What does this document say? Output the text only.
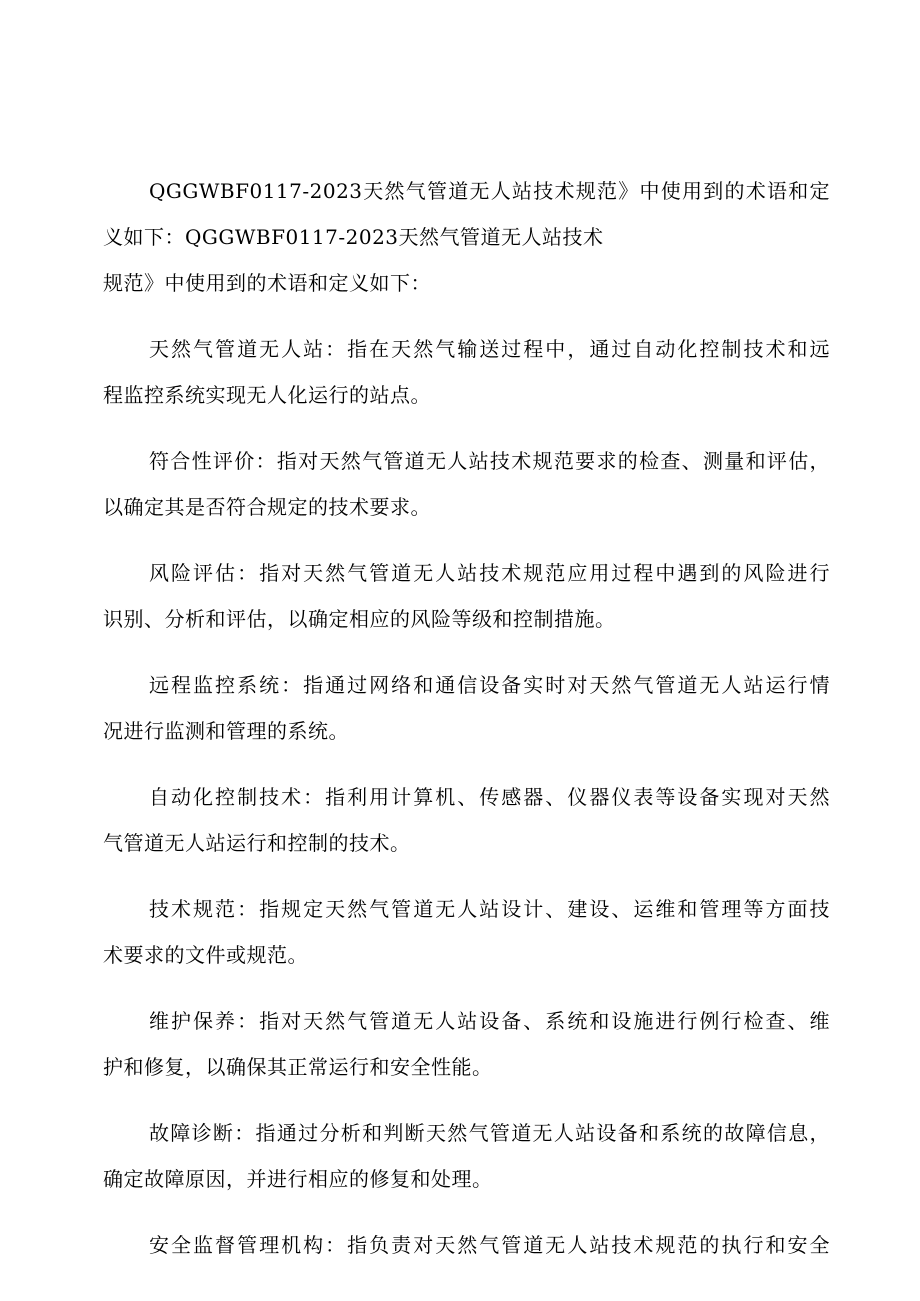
QGGWBF0117-2023天然气管道无人站技术规范》中使用到的术语和定
义如下：QGGWBF0117-2023天然气管道无人站技术
规范》中使用到的术语和定义如下：
天然气管道无人站：指在天然气输送过程中，通过自动化控制技术和远
程监控系统实现无人化运行的站点。
符合性评价：指对天然气管道无人站技术规范要求的检查、测量和评估，
以确定其是否符合规定的技术要求。
风险评估：指对天然气管道无人站技术规范应用过程中遇到的风险进行
识别、分析和评估，以确定相应的风险等级和控制措施。
远程监控系统：指通过网络和通信设备实时对天然气管道无人站运行情
况进行监测和管理的系统。
自动化控制技术：指利用计算机、传感器、仪器仪表等设备实现对天然
气管道无人站运行和控制的技术。
技术规范：指规定天然气管道无人站设计、建设、运维和管理等方面技
术要求的文件或规范。
维护保养：指对天然气管道无人站设备、系统和设施进行例行检查、维
护和修复，以确保其正常运行和安全性能。
故障诊断：指通过分析和判断天然气管道无人站设备和系统的故障信息，
确定故障原因，并进行相应的修复和处理。
安全监督管理机构：指负责对天然气管道无人站技术规范的执行和安全
